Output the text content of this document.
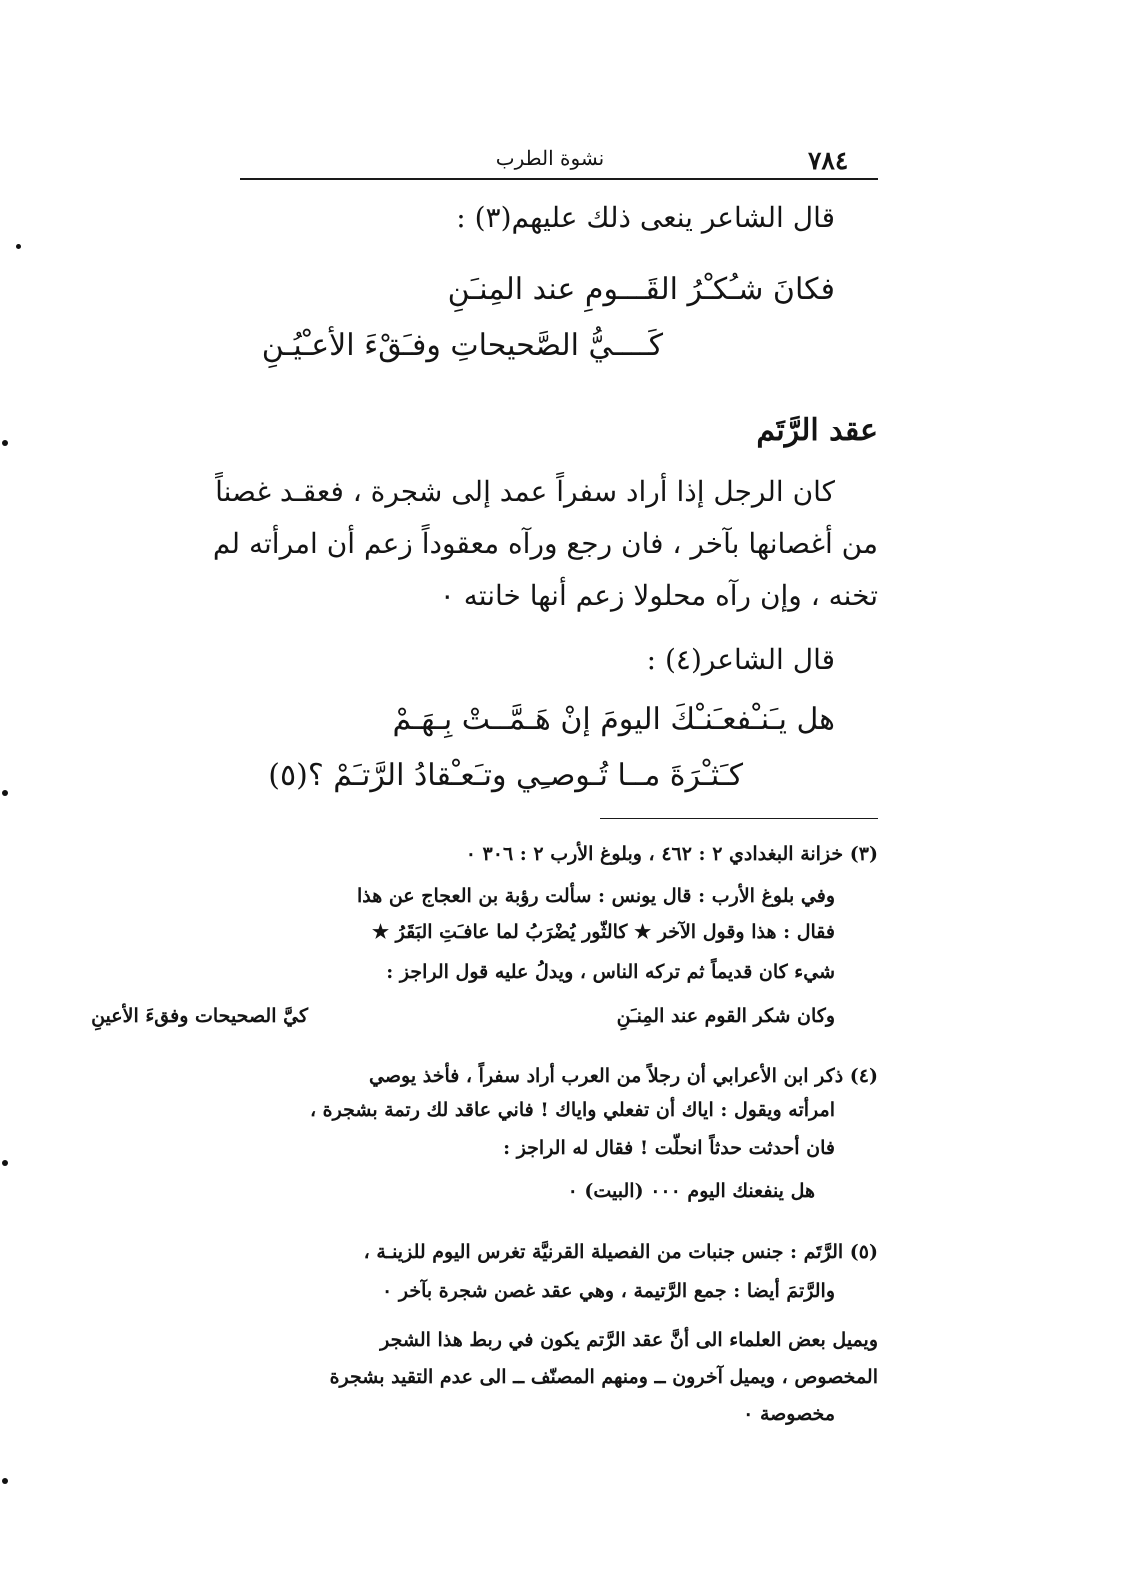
٧٨٤
نشوة الطرب
قال الشاعر ينعى ذلك عليهم(٣) :
فكانَ شـُكـْرُ القَـــومِ عند المِنـَنِ
كَــــيُّ الصَّحيحاتِ وفـَقْءَ الأعـْيُـنِ
عقد الرَّتَم
كان الرجل إذا أراد سفراً عمد إلى شجرة ، فعقـد غصناً
من أغصانها بآخر ، فان رجع ورآه معقوداً زعم أن امرأته لم
تخنه ، وإن رآه محلولا زعم أنها خانته ٠
قال الشاعر(٤) :
هل يـَنـْفعـَنـْكَ اليومَ إنْ هَـمَّــتْ بِـهَـمْ
كـَثـْرَةَ مــا تُـوصـِي وتـَعـْقادُ الرَّتـَمْ ؟(٥)
(٣) خزانة البغدادي ٢ : ٤٦٢ ، وبلوغ الأرب ٢ : ٣٠٦ ٠
وفي بلوغ الأرب : قال يونس : سألت رؤبة بن العجاج عن هذا
فقال : هذا وقول الآخر ★ كالثّور يُضْرَبُ لما عافـَتِ البَقَرُ ★
شيء كان قديماً ثم تركه الناس ، ويدلُ عليه قول الراجز :
وكان شكر القوم عند المِنـَنِ
كيَّ الصحيحات وفقءَ الأعينِ
(٤) ذكر ابن الأعرابي أن رجلاً من العرب أراد سفراً ، فأخذ يوصي
امرأته ويقول : اياك أن تفعلي واياك ! فاني عاقد لك رتمة بشجرة ،
فان أحدثت حدثاً انحلّت ! فقال له الراجز :
هل ينفعنك اليوم ٠٠٠ (البيت) ٠
(٥) الرَّتَم : جنس جنبات من الفصيلة القرنيَّة تغرس اليوم للزينـة ،
والرَّتمَ أيضا : جمع الرَّتيمة ، وهي عقد غصن شجرة بآخر ٠
ويميل بعض العلماء الى أنَّ عقد الرَّتم يكون في ربط هذا الشجر
المخصوص ، ويميل آخرون ــ ومنهم المصنّف ــ الى عدم التقيد بشجرة
مخصوصة ٠
